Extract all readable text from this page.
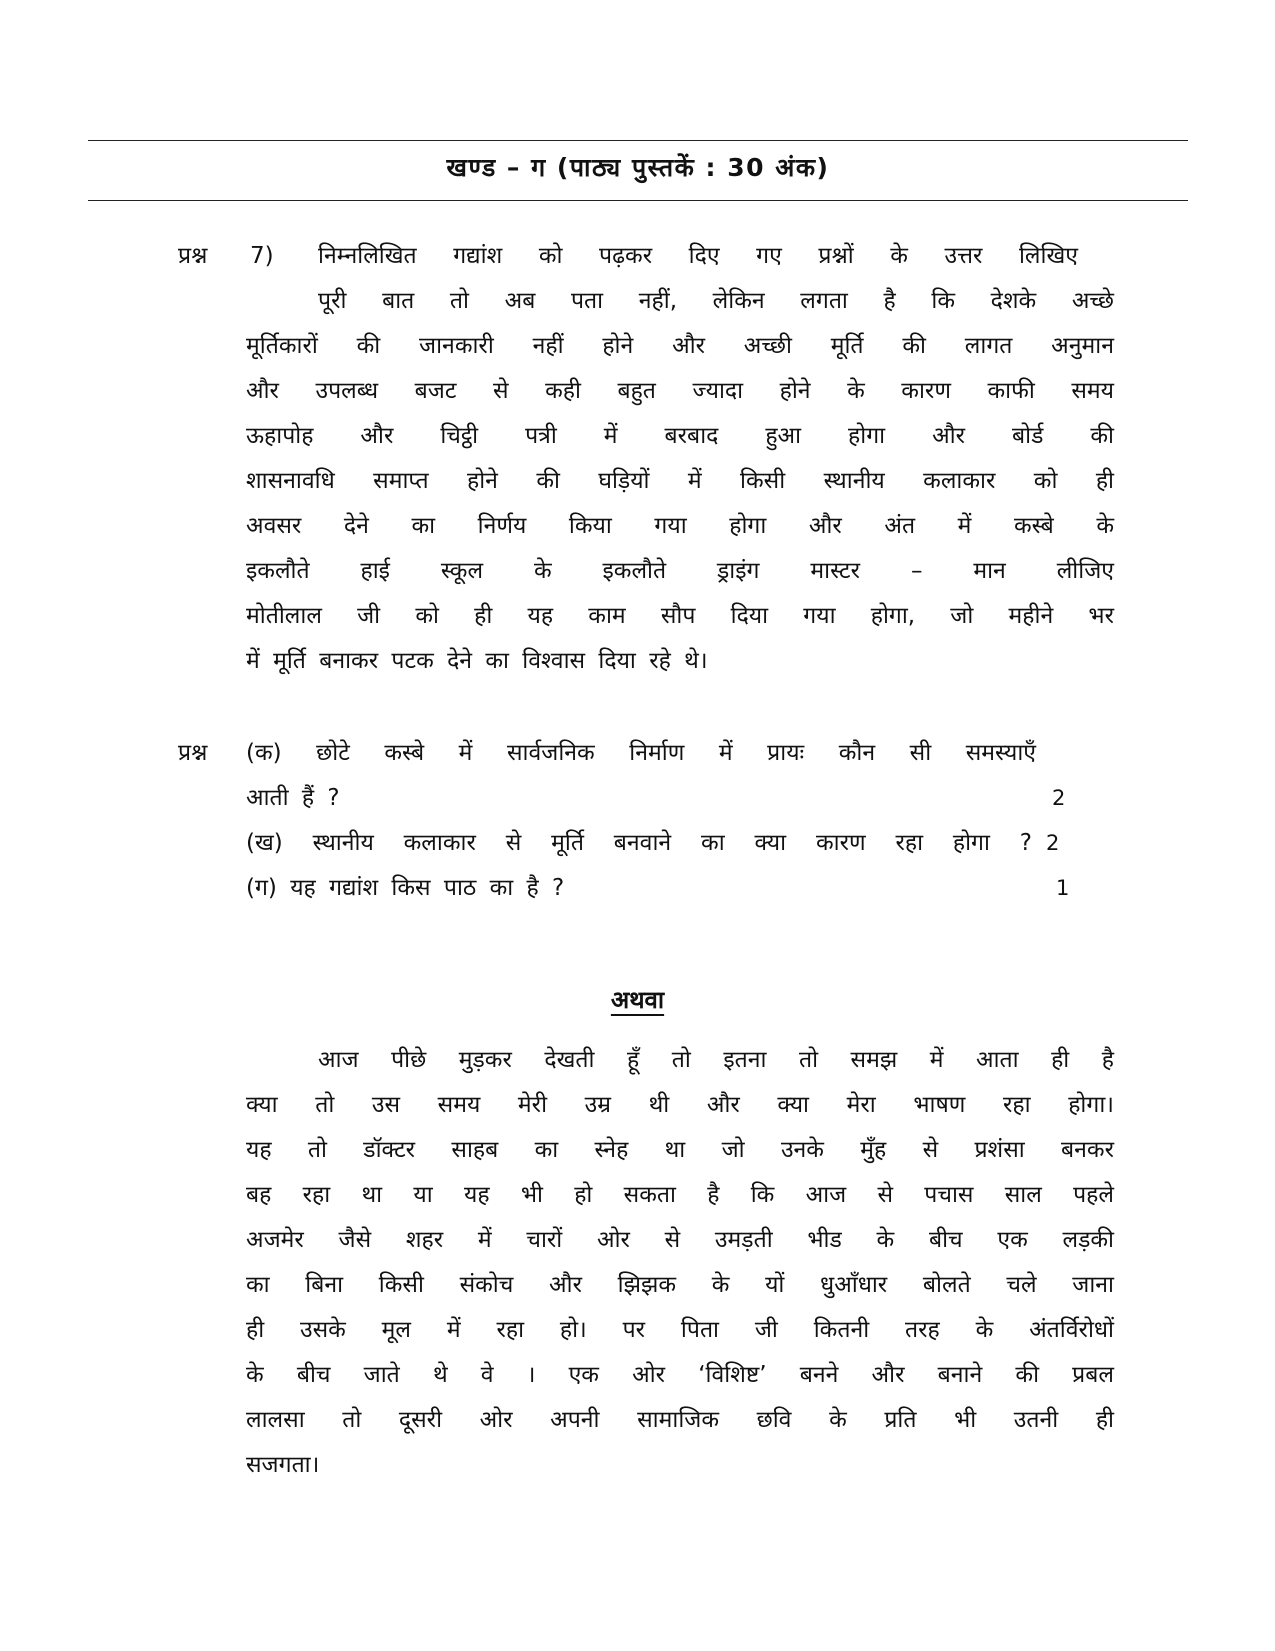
खण्ड – ग (पाठ्य पुस्तकें : 30 अंक)
प्रश्न	7) निम्नलिखित गद्यांश को पढ़कर दिए गए प्रश्नों के उत्तर लिखिए
पूरी बात तो अब पता नहीं, लेकिन लगता है कि देशके अच्छे
मूर्तिकारों की जानकारी नहीं होने और अच्छी मूर्ति की लागत अनुमान
और उपलब्ध बजट से कही बहुत ज्यादा होने के कारण काफी समय
ऊहापोह और चिट्ठी पत्री में बरबाद हुआ होगा और बोर्ड की
शासनावधि समाप्त होने की घड़ियों में किसी स्थानीय कलाकार को ही
अवसर देने का निर्णय किया गया होगा और अंत में कस्बे के
इकलौते हाई स्कूल के इकलौते ड्राइंग मास्टर – मान लीजिए
मोतीलाल जी को ही यह काम सौप दिया गया होगा, जो महीने भर
में मूर्ति बनाकर पटक देने का विश्वास दिया रहे थे।
प्रश्न	(क) छोटे कस्बे में सार्वजनिक निर्माण में प्रायः कौन सी समस्याएँ
आती हैं ?	2
(ख) स्थानीय कलाकार से मूर्ति बनवाने का क्या कारण रहा होगा ? 2
(ग) यह गद्यांश किस पाठ का है ?	1
अथवा
आज पीछे मुड़कर देखती हूँ तो इतना तो समझ में आता ही है
क्या तो उस समय मेरी उम्र थी और क्या मेरा भाषण रहा होगा।
यह तो डॉक्टर साहब का स्नेह था जो उनके मुँह से प्रशंसा बनकर
बह रहा था या यह भी हो सकता है कि आज से पचास साल पहले
अजमेर जैसे शहर में चारों ओर से उमड़ती भीड के बीच एक लड़की
का बिना किसी संकोच और झिझक के यों धुआँधार बोलते चले जाना
ही उसके मूल में रहा हो। पर पिता जी कितनी तरह के अंतर्विरोधों
के बीच जाते थे वे । एक ओर ‘विशिष्ट’ बनने और बनाने की प्रबल
लालसा तो दूसरी ओर अपनी सामाजिक छवि के प्रति भी उतनी ही
सजगता।
